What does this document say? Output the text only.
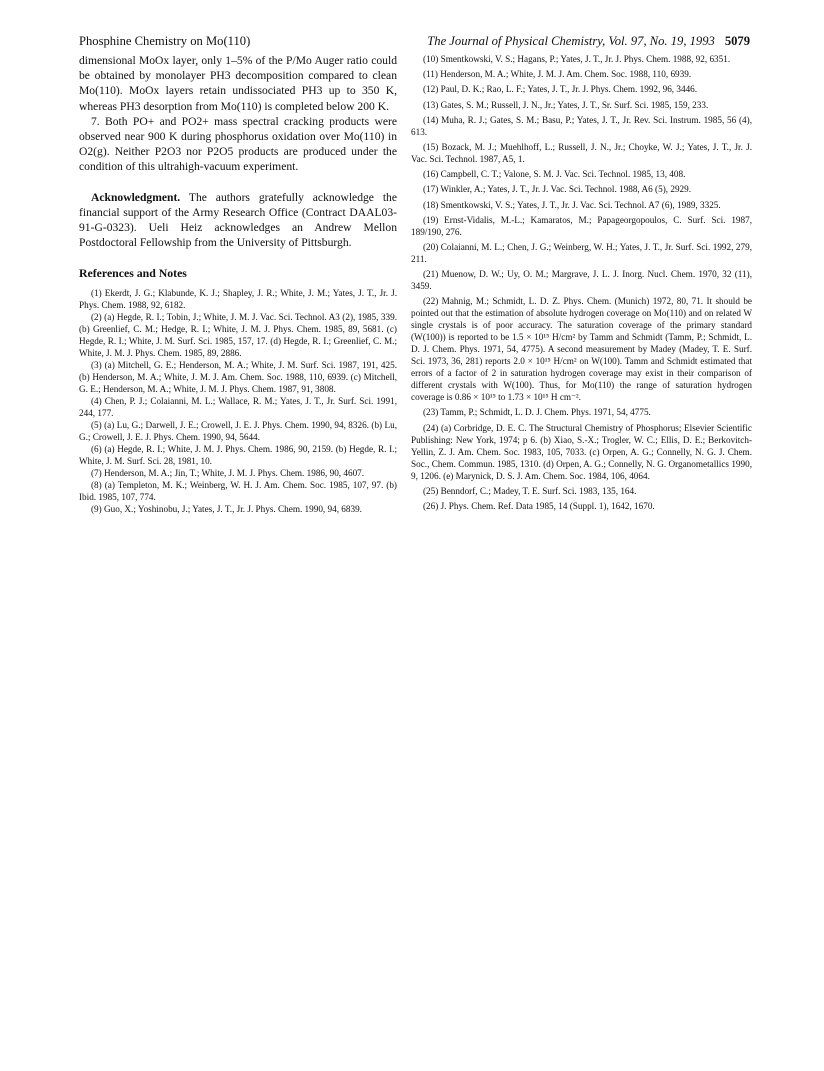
Phosphine Chemistry on Mo(110)	The Journal of Physical Chemistry, Vol. 97, No. 19, 1993 5079

dimensional MoOx layer, only 1–5% of the P/Mo Auger ratio could be obtained by monolayer PH3 decomposition compared to clean Mo(110). MoOx layers retain undissociated PH3 up to 350 K, whereas PH3 desorption from Mo(110) is completed below 200 K.

7. Both PO+ and PO2+ mass spectral cracking products were observed near 900 K during phosphorus oxidation over Mo(110) in O2(g). Neither P2O3 nor P2O5 products are produced under the condition of this ultrahigh-vacuum experiment.

Acknowledgment. The authors gratefully acknowledge the financial support of the Army Research Office (Contract DAAL03-91-G-0323). Ueli Heiz acknowledges an Andrew Mellon Postdoctoral Fellowship from the University of Pittsburgh.

References and Notes

(1) Ekerdt, J. G.; Klabunde, K. J.; Shapley, J. R.; White, J. M.; Yates, J. T., Jr. J. Phys. Chem. 1988, 92, 6182.

(2) (a) Hegde, R. I.; Tobin, J.; White, J. M. J. Vac. Sci. Technol. A3 (2), 1985, 339. (b) Greenlief, C. M.; Hedge, R. I.; White, J. M. J. Phys. Chem. 1985, 89, 5681. (c) Hegde, R. I.; White, J. M. Surf. Sci. 1985, 157, 17. (d) Hegde, R. I.; Greenlief, C. M.; White, J. M. J. Phys. Chem. 1985, 89, 2886.

(3) (a) Mitchell, G. E.; Henderson, M. A.; White, J. M. Surf. Sci. 1987, 191, 425. (b) Henderson, M. A.; White, J. M. J. Am. Chem. Soc. 1988, 110, 6939. (c) Mitchell, G. E.; Henderson, M. A.; White, J. M. J. Phys. Chem. 1987, 91, 3808.

(4) Chen, P. J.; Colaianni, M. L.; Wallace, R. M.; Yates, J. T., Jr. Surf. Sci. 1991, 244, 177.

(5) (a) Lu, G.; Darwell, J. E.; Crowell, J. E. J. Phys. Chem. 1990, 94, 8326. (b) Lu, G.; Crowell, J. E. J. Phys. Chem. 1990, 94, 5644.

(6) (a) Hegde, R. I.; White, J. M. J. Phys. Chem. 1986, 90, 2159. (b) Hegde, R. I.; White, J. M. Surf. Sci. 28, 1981, 10.

(7) Henderson, M. A.; Jin, T.; White, J. M. J. Phys. Chem. 1986, 90, 4607.

(8) (a) Templeton, M. K.; Weinberg, W. H. J. Am. Chem. Soc. 1985, 107, 97. (b) Ibid. 1985, 107, 774.

(9) Guo, X.; Yoshinobu, J.; Yates, J. T., Jr. J. Phys. Chem. 1990, 94, 6839.

(10) Smentkowski, V. S.; Hagans, P.; Yates, J. T., Jr. J. Phys. Chem. 1988, 92, 6351.

(11) Henderson, M. A.; White, J. M. J. Am. Chem. Soc. 1988, 110, 6939.

(12) Paul, D. K.; Rao, L. F.; Yates, J. T., Jr. J. Phys. Chem. 1992, 96, 3446.

(13) Gates, S. M.; Russell, J. N., Jr.; Yates, J. T., Sr. Surf. Sci. 1985, 159, 233.

(14) Muha, R. J.; Gates, S. M.; Basu, P.; Yates, J. T., Jr. Rev. Sci. Instrum. 1985, 56 (4), 613.

(15) Bozack, M. J.; Muehlhoff, L.; Russell, J. N., Jr.; Choyke, W. J.; Yates, J. T., Jr. J. Vac. Sci. Technol. 1987, A5, 1.

(16) Campbell, C. T.; Valone, S. M. J. Vac. Sci. Technol. 1985, 13, 408.

(17) Winkler, A.; Yates, J. T., Jr. J. Vac. Sci. Technol. 1988, A6 (5), 2929.

(18) Smentkowski, V. S.; Yates, J. T., Jr. J. Vac. Sci. Technol. A7 (6), 1989, 3325.

(19) Ernst-Vidalis, M.-L.; Kamaratos, M.; Papageorgopoulos, C. Surf. Sci. 1987, 189/190, 276.

(20) Colaianni, M. L.; Chen, J. G.; Weinberg, W. H.; Yates, J. T., Jr. Surf. Sci. 1992, 279, 211.

(21) Muenow, D. W.; Uy, O. M.; Margrave, J. L. J. Inorg. Nucl. Chem. 1970, 32 (11), 3459.

(22) Mahnig, M.; Schmidt, L. D. Z. Phys. Chem. (Munich) 1972, 80, 71. It should be pointed out that the estimation of absolute hydrogen coverage on Mo(110) and on related W single crystals is of poor accuracy. The saturation coverage of the primary standard (W(100)) is reported to be 1.5 × 10¹⁵ H/cm² by Tamm and Schmidt (Tamm, P.; Schmidt, L. D. J. Chem. Phys. 1971, 54, 4775). A second measurement by Madey (Madey, T. E. Surf. Sci. 1973, 36, 281) reports 2.0 × 10¹⁵ H/cm² on W(100). Tamm and Schmidt estimated that errors of a factor of 2 in saturation hydrogen coverage may exist in their comparison of different crystals with W(100). Thus, for Mo(110) the range of saturation hydrogen coverage is 0.86 × 10¹⁵ to 1.73 × 10¹⁵ H cm⁻².

(23) Tamm, P.; Schmidt, L. D. J. Chem. Phys. 1971, 54, 4775.

(24) (a) Corbridge, D. E. C. The Structural Chemistry of Phosphorus; Elsevier Scientific Publishing: New York, 1974; p 6. (b) Xiao, S.-X.; Trogler, W. C.; Ellis, D. E.; Berkovitch-Yellin, Z. J. Am. Chem. Soc. 1983, 105, 7033. (c) Orpen, A. G.; Connelly, N. G. J. Chem. Soc., Chem. Commun. 1985, 1310. (d) Orpen, A. G.; Connelly, N. G. Organometallics 1990, 9, 1206. (e) Marynick, D. S. J. Am. Chem. Soc. 1984, 106, 4064.

(25) Benndorf, C.; Madey, T. E. Surf. Sci. 1983, 135, 164.

(26) J. Phys. Chem. Ref. Data 1985, 14 (Suppl. 1), 1642, 1670.
